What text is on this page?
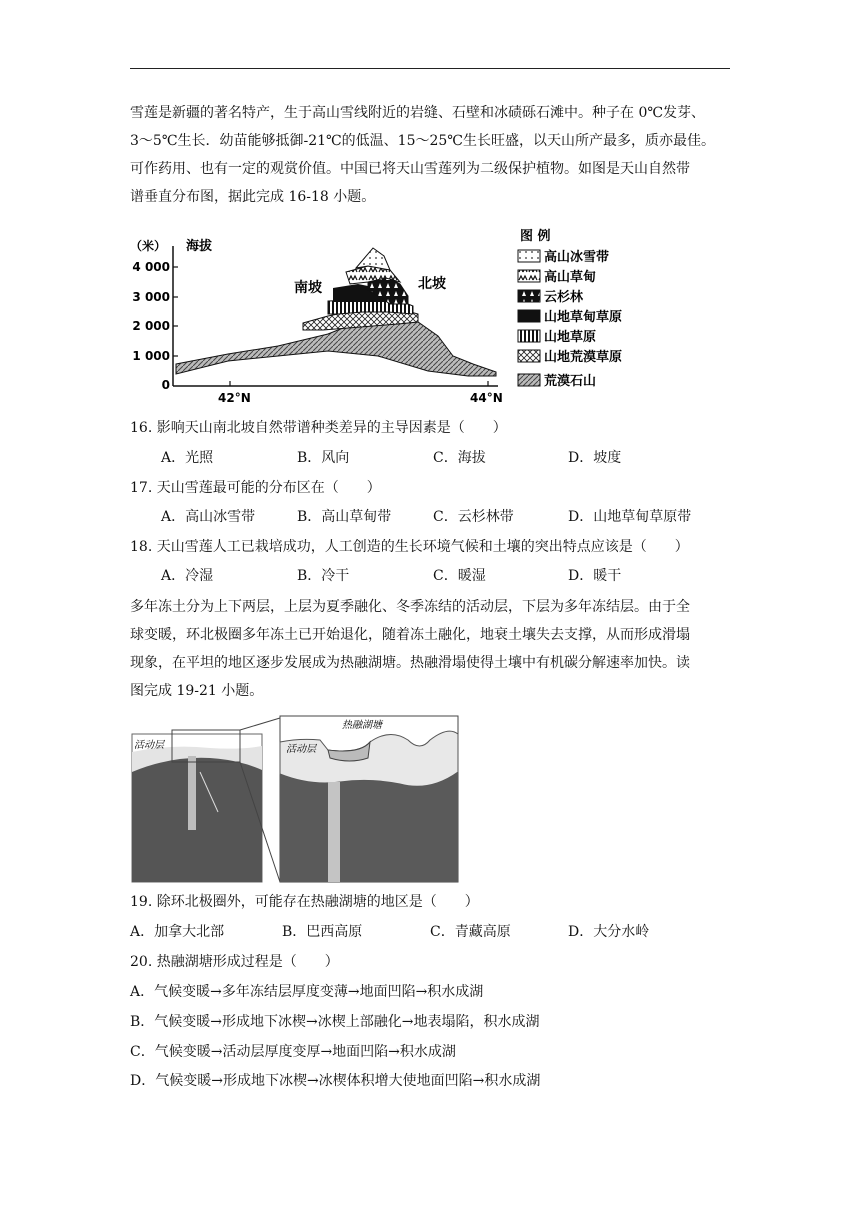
雪莲是新疆的著名特产，生于高山雪线附近的岩缝、石壁和冰碛砾石滩中。种子在 0℃发芽、
3～5℃生长．幼苗能够抵御-21℃的低温、15～25℃生长旺盛，以天山所产最多，质亦最佳。
可作药用、也有一定的观赏价值。中国已将天山雪莲列为二级保护植物。如图是天山自然带
谱垂直分布图，据此完成 16-18 小题。
（米） 海拔
4 000
3 000
2 000
1 000
0
42°N	44°N
南坡	北坡
图 例
高山冰雪带
高山草甸
云杉林
山地草甸草原
山地草原
山地荒漠草原
荒漠石山
16. 影响天山南北坡自然带谱种类差异的主导因素是（　　）
A．光照	B．风向	C．海拔	D．坡度
17. 天山雪莲最可能的分布区在（　　）
A．高山冰雪带	B．高山草甸带	C．云杉林带	D．山地草甸草原带
18. 天山雪莲人工已栽培成功，人工创造的生长环境气候和土壤的突出特点应该是（　　）
A．冷湿	B．冷干	C．暖湿	D．暖干
多年冻土分为上下两层，上层为夏季融化、冬季冻结的活动层，下层为多年冻结层。由于全
球变暖，环北极圈多年冻土已开始退化，随着冻土融化，地衰土壤失去支撑，从而形成滑塌
现象，在平坦的地区逐步发展成为热融湖塘。热融滑塌使得土壤中有机碳分解速率加快。读
图完成 19-21 小题。
活动层
热融湖塘
活动层
19. 除环北极圈外，可能存在热融湖塘的地区是（　　）
A．加拿大北部	B．巴西高原	C．青藏高原	D．大分水岭
20. 热融湖塘形成过程是（　　）
A．气候变暖→多年冻结层厚度变薄→地面凹陷→积水成湖
B．气候变暖→形成地下冰楔→冰楔上部融化→地表塌陷，积水成湖
C．气候变暖→活动层厚度变厚→地面凹陷→积水成湖
D．气候变暖→形成地下冰楔→冰楔体积增大使地面凹陷→积水成湖
